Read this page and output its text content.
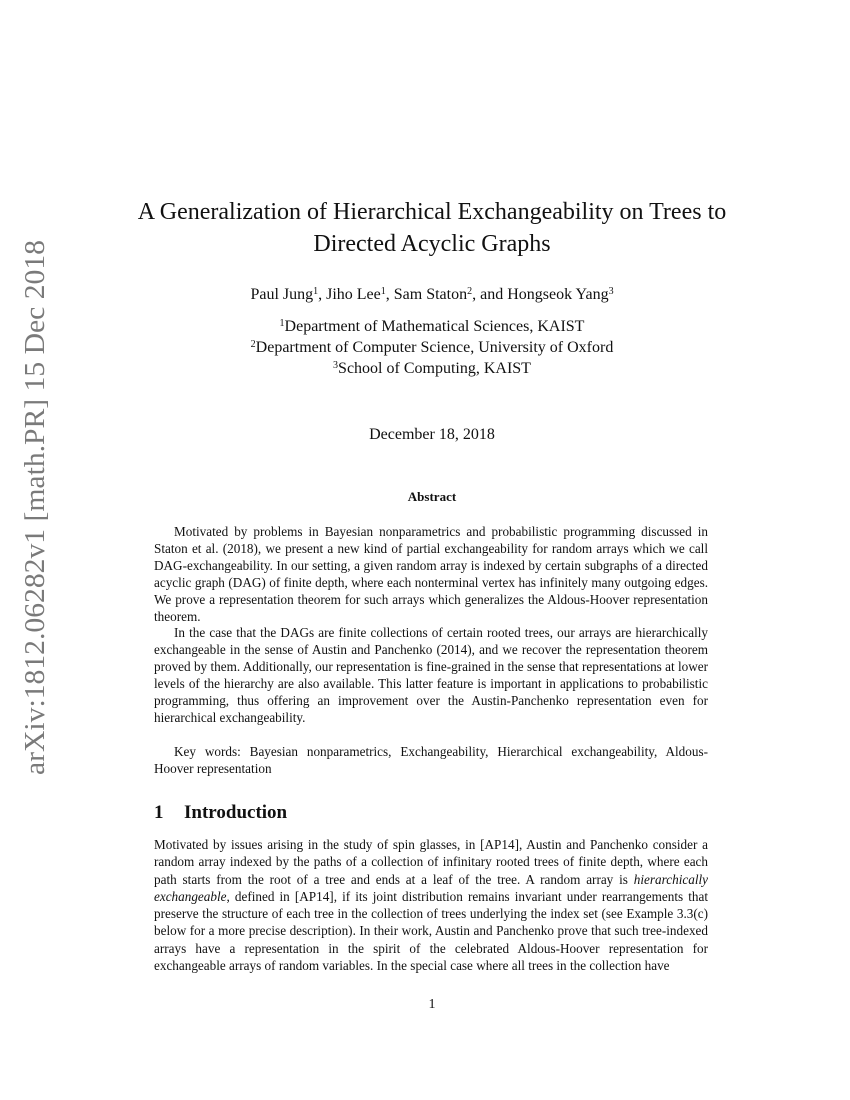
arXiv:1812.06282v1 [math.PR] 15 Dec 2018
A Generalization of Hierarchical Exchangeability on Trees to
Directed Acyclic Graphs
Paul Jung$^1$, Jiho Lee$^1$, Sam Staton$^2$, and Hongseok Yang$^3$
$^1$Department of Mathematical Sciences, KAIST
$^2$Department of Computer Science, University of Oxford
$^3$School of Computing, KAIST
December 18, 2018
Abstract

Motivated by problems in Bayesian nonparametrics and probabilistic programming discussed in Staton et al. (2018), we present a new kind of partial exchangeability for random arrays which we call DAG-exchangeability. In our setting, a given random array is indexed by certain subgraphs of a directed acyclic graph (DAG) of finite depth, where each nonterminal vertex has infinitely many outgoing edges. We prove a representation theorem for such arrays which generalizes the Aldous-Hoover representation theorem.

In the case that the DAGs are finite collections of certain rooted trees, our arrays are hierarchically exchangeable in the sense of Austin and Panchenko (2014), and we recover the representation theorem proved by them. Additionally, our representation is fine-grained in the sense that representations at lower levels of the hierarchy are also available. This latter feature is important in applications to probabilistic programming, thus offering an improvement over the Austin-Panchenko representation even for hierarchical exchangeability.

Key words: Bayesian nonparametrics, Exchangeability, Hierarchical exchangeability, Aldous-Hoover representation
1 Introduction
Motivated by issues arising in the study of spin glasses, in [AP14], Austin and Panchenko consider a random array indexed by the paths of a collection of infinitary rooted trees of finite depth, where each path starts from the root of a tree and ends at a leaf of the tree. A random array is hierarchically exchangeable, defined in [AP14], if its joint distribution remains invariant under rearrangements that preserve the structure of each tree in the collection of trees underlying the index set (see Example 3.3(c) below for a more precise description). In their work, Austin and Panchenko prove that such tree-indexed arrays have a representation in the spirit of the celebrated Aldous-Hoover representation for exchangeable arrays of random variables. In the special case where all trees in the collection have
1
